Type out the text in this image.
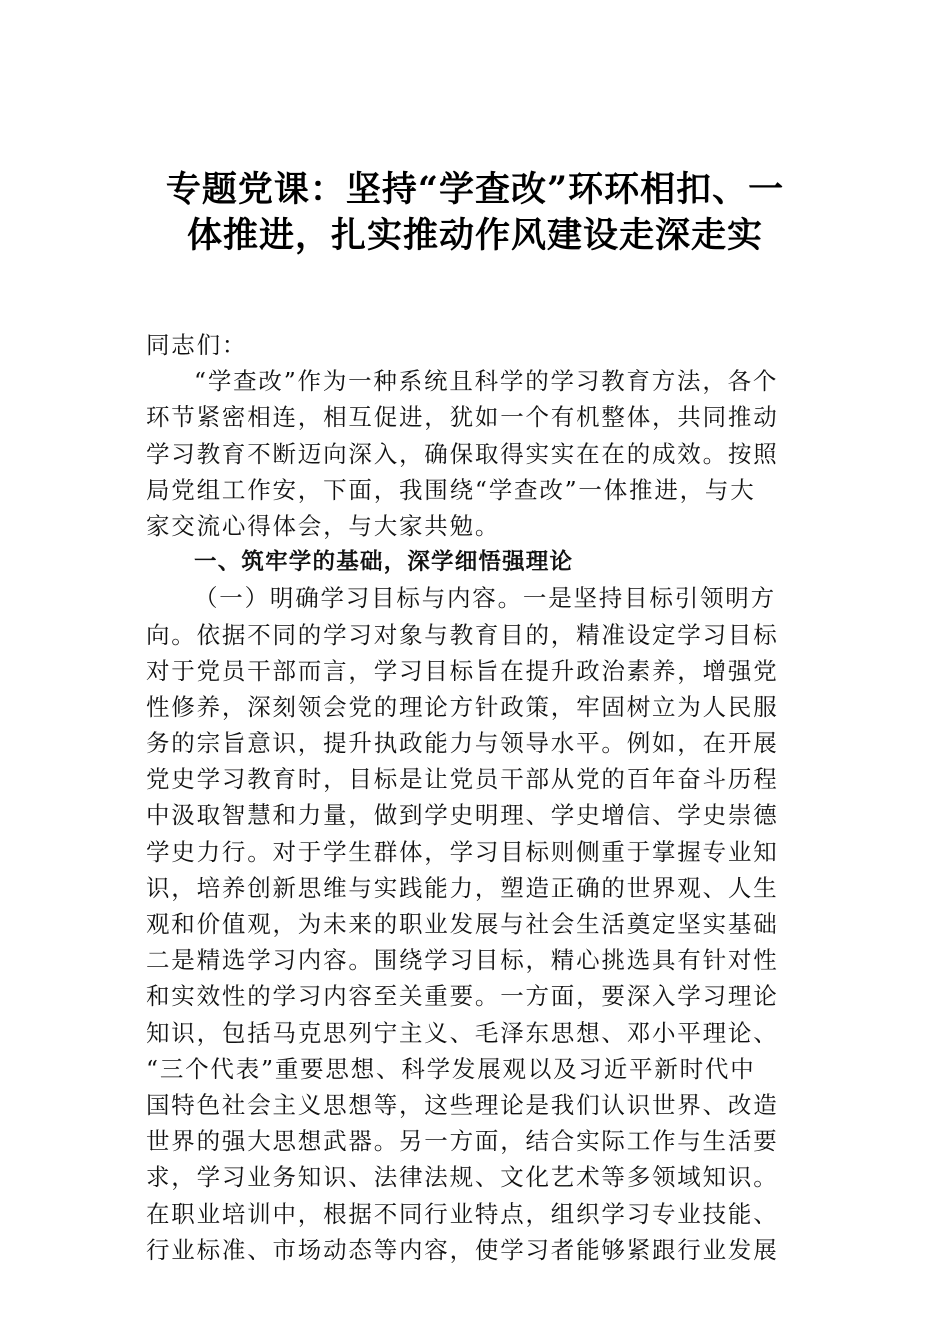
专题党课：坚持“学查改”环环相扣、一
体推进，扎实推动作风建设走深走实
同志们：
“学查改”作为一种系统且科学的学习教育方法，各个
环节紧密相连，相互促进，犹如一个有机整体，共同推动
学习教育不断迈向深入，确保取得实实在在的成效。按照
局党组工作安，下面，我围绕“学查改”一体推进，与大
家交流心得体会，与大家共勉。
一、筑牢学的基础，深学细悟强理论
（一）明确学习目标与内容。一是坚持目标引领明方
向。依据不同的学习对象与教育目的，精准设定学习目标
对于党员干部而言，学习目标旨在提升政治素养，增强党
性修养，深刻领会党的理论方针政策，牢固树立为人民服
务的宗旨意识，提升执政能力与领导水平。例如，在开展
党史学习教育时，目标是让党员干部从党的百年奋斗历程
中汲取智慧和力量，做到学史明理、学史增信、学史崇德
学史力行。对于学生群体，学习目标则侧重于掌握专业知
识，培养创新思维与实践能力，塑造正确的世界观、人生
观和价值观，为未来的职业发展与社会生活奠定坚实基础
二是精选学习内容。围绕学习目标，精心挑选具有针对性
和实效性的学习内容至关重要。一方面，要深入学习理论
知识，包括马克思列宁主义、毛泽东思想、邓小平理论、
“三个代表”重要思想、科学发展观以及习近平新时代中
国特色社会主义思想等，这些理论是我们认识世界、改造
世界的强大思想武器。另一方面，结合实际工作与生活要
求，学习业务知识、法律法规、文化艺术等多领域知识。
在职业培训中，根据不同行业特点，组织学习专业技能、
行业标准、市场动态等内容，使学习者能够紧跟行业发展
